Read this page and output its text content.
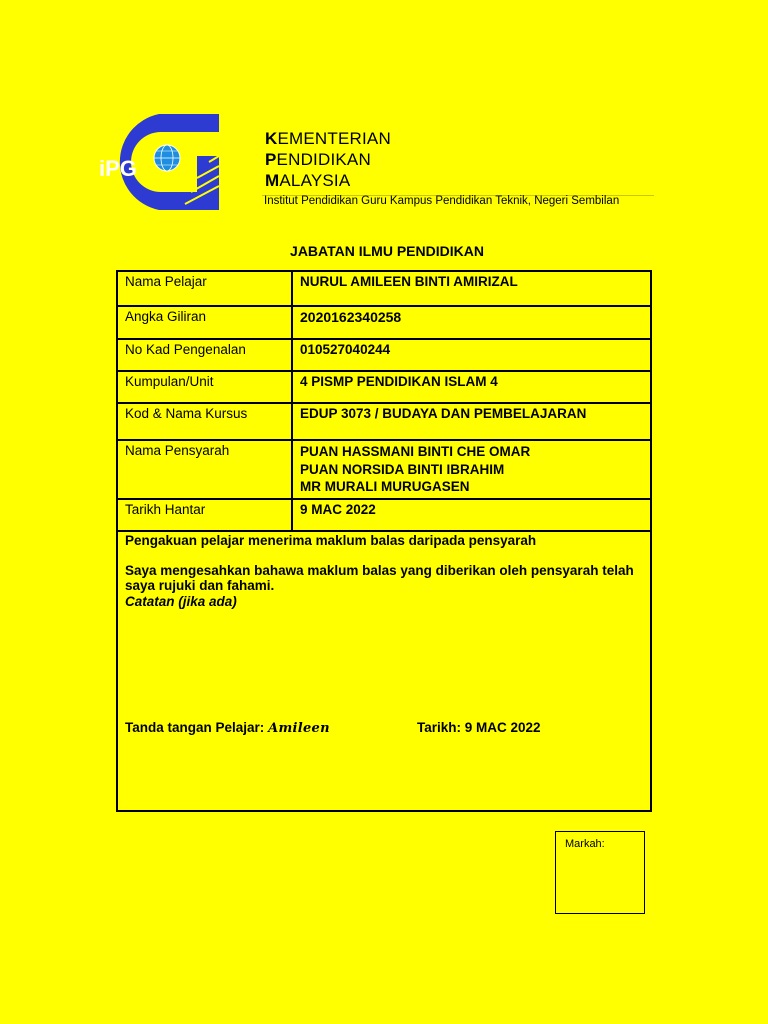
iPG
KEMENTERIAN
PENDIDIKAN
MALAYSIA
Institut Pendidikan Guru Kampus Pendidikan Teknik, Negeri Sembilan
JABATAN ILMU PENDIDIKAN
Nama Pelajar	NURUL AMILEEN BINTI AMIRIZAL
Angka Giliran	2020162340258
No Kad Pengenalan	010527040244
Kumpulan/Unit	4 PISMP PENDIDIKAN ISLAM 4
Kod & Nama Kursus	EDUP 3073 / BUDAYA DAN PEMBELAJARAN
Nama Pensyarah	PUAN HASSMANI BINTI CHE OMAR
PUAN NORSIDA BINTI IBRAHIM
MR MURALI MURUGASEN

Tarikh Hantar	9 MAC 2022

Pengakuan pelajar menerima maklum balas daripada pensyarah

Saya mengesahkan bahawa maklum balas yang diberikan oleh pensyarah telah saya rujuki dan fahami.

Catatan (jika ada)

Tanda tangan Pelajar: Amileen Tarikh: 9 MAC 2022	
Markah:
